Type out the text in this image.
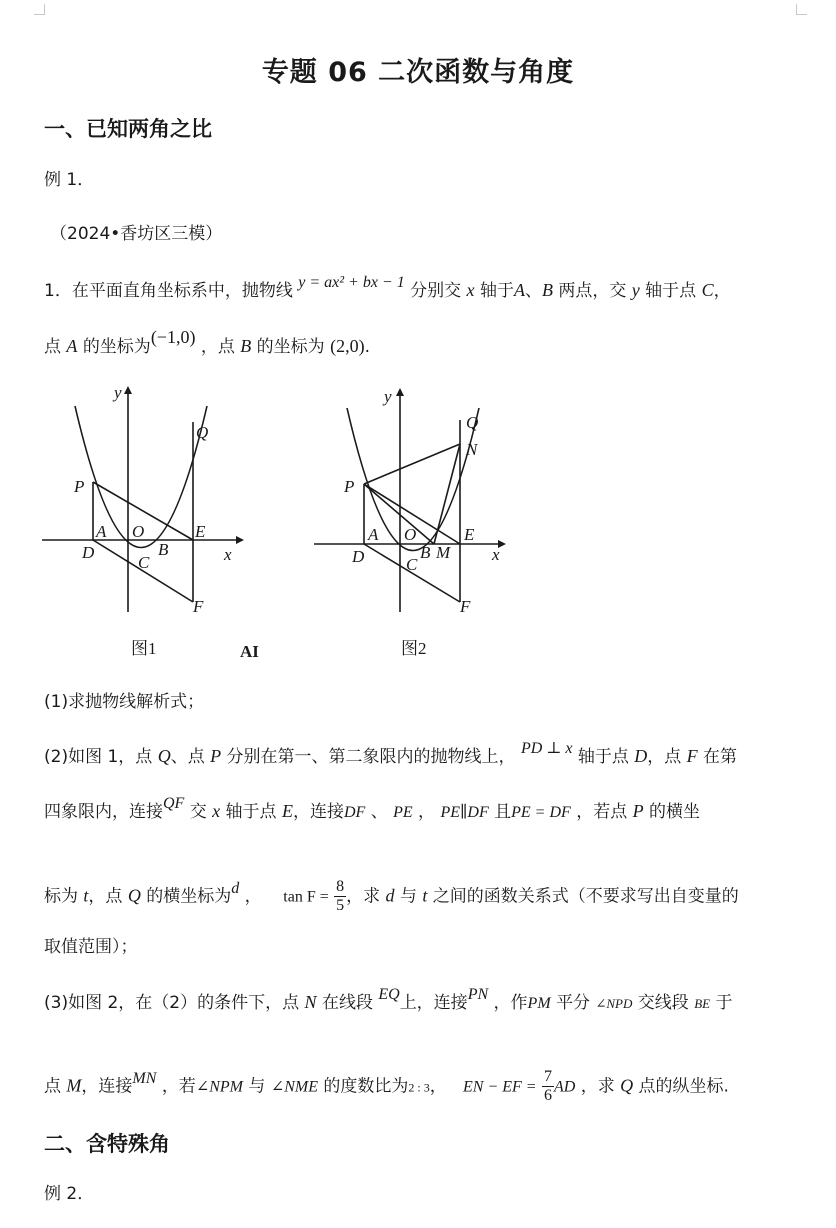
专题 06 二次函数与角度
一、已知两角之比
例 1．
（2024•香坊区三模）
1．在平面直角坐标系中，抛物线 y = ax² + bx − 1 分别交 x 轴于A、B 两点，交 y 轴于点 C，
点 A 的坐标为(−1,0) ，点 B 的坐标为 (2,0).
y
x
Q
P
A O	E
D	B
C
F
图1	AI
y
x
Q
N
P
A O	E
D	B
C
M
F
图2
(1)求抛物线解析式；
(2)如图 1，点 Q、点 P 分别在第一、第二象限内的抛物线上， PD ⊥ x 轴于点 D，点 F 在第
四象限内，连接QF 交 x 轴于点 E，连接DF 、 PE ， PE∥DF 且PE = DF ，若点 P 的横坐
标为 t，点 Q 的横坐标为d ， $\tan F = \frac{8}{5}$ ，求 d 与 t 之间的函数关系式（不要求写出自变量的
取值范围）；
(3)如图 2，在（2）的条件下，点 N 在线段 EQ上，连接PN ，作PM 平分 ∠NPD 交线段 BE 于
点 M，连接MN ，若∠NPM 与 ∠NME 的度数比为2 : 3， EN − EF = $\frac{7}{6}$ AD ，求 Q 点的纵坐标.
二、含特殊角
例 2．
